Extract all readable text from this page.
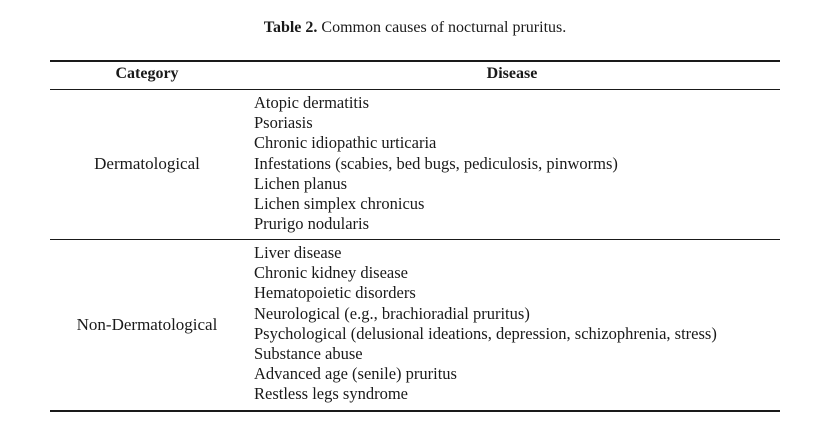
Table 2. Common causes of nocturnal pruritus.
Category	Disease
Dermatological
Atopic dermatitis
Psoriasis
Chronic idiopathic urticaria
Infestations (scabies, bed bugs, pediculosis, pinworms)
Lichen planus
Lichen simplex chronicus
Prurigo nodularis
Non-Dermatological
Liver disease
Chronic kidney disease
Hematopoietic disorders
Neurological (e.g., brachioradial pruritus)
Psychological (delusional ideations, depression, schizophrenia, stress)
Substance abuse
Advanced age (senile) pruritus
Restless legs syndrome
